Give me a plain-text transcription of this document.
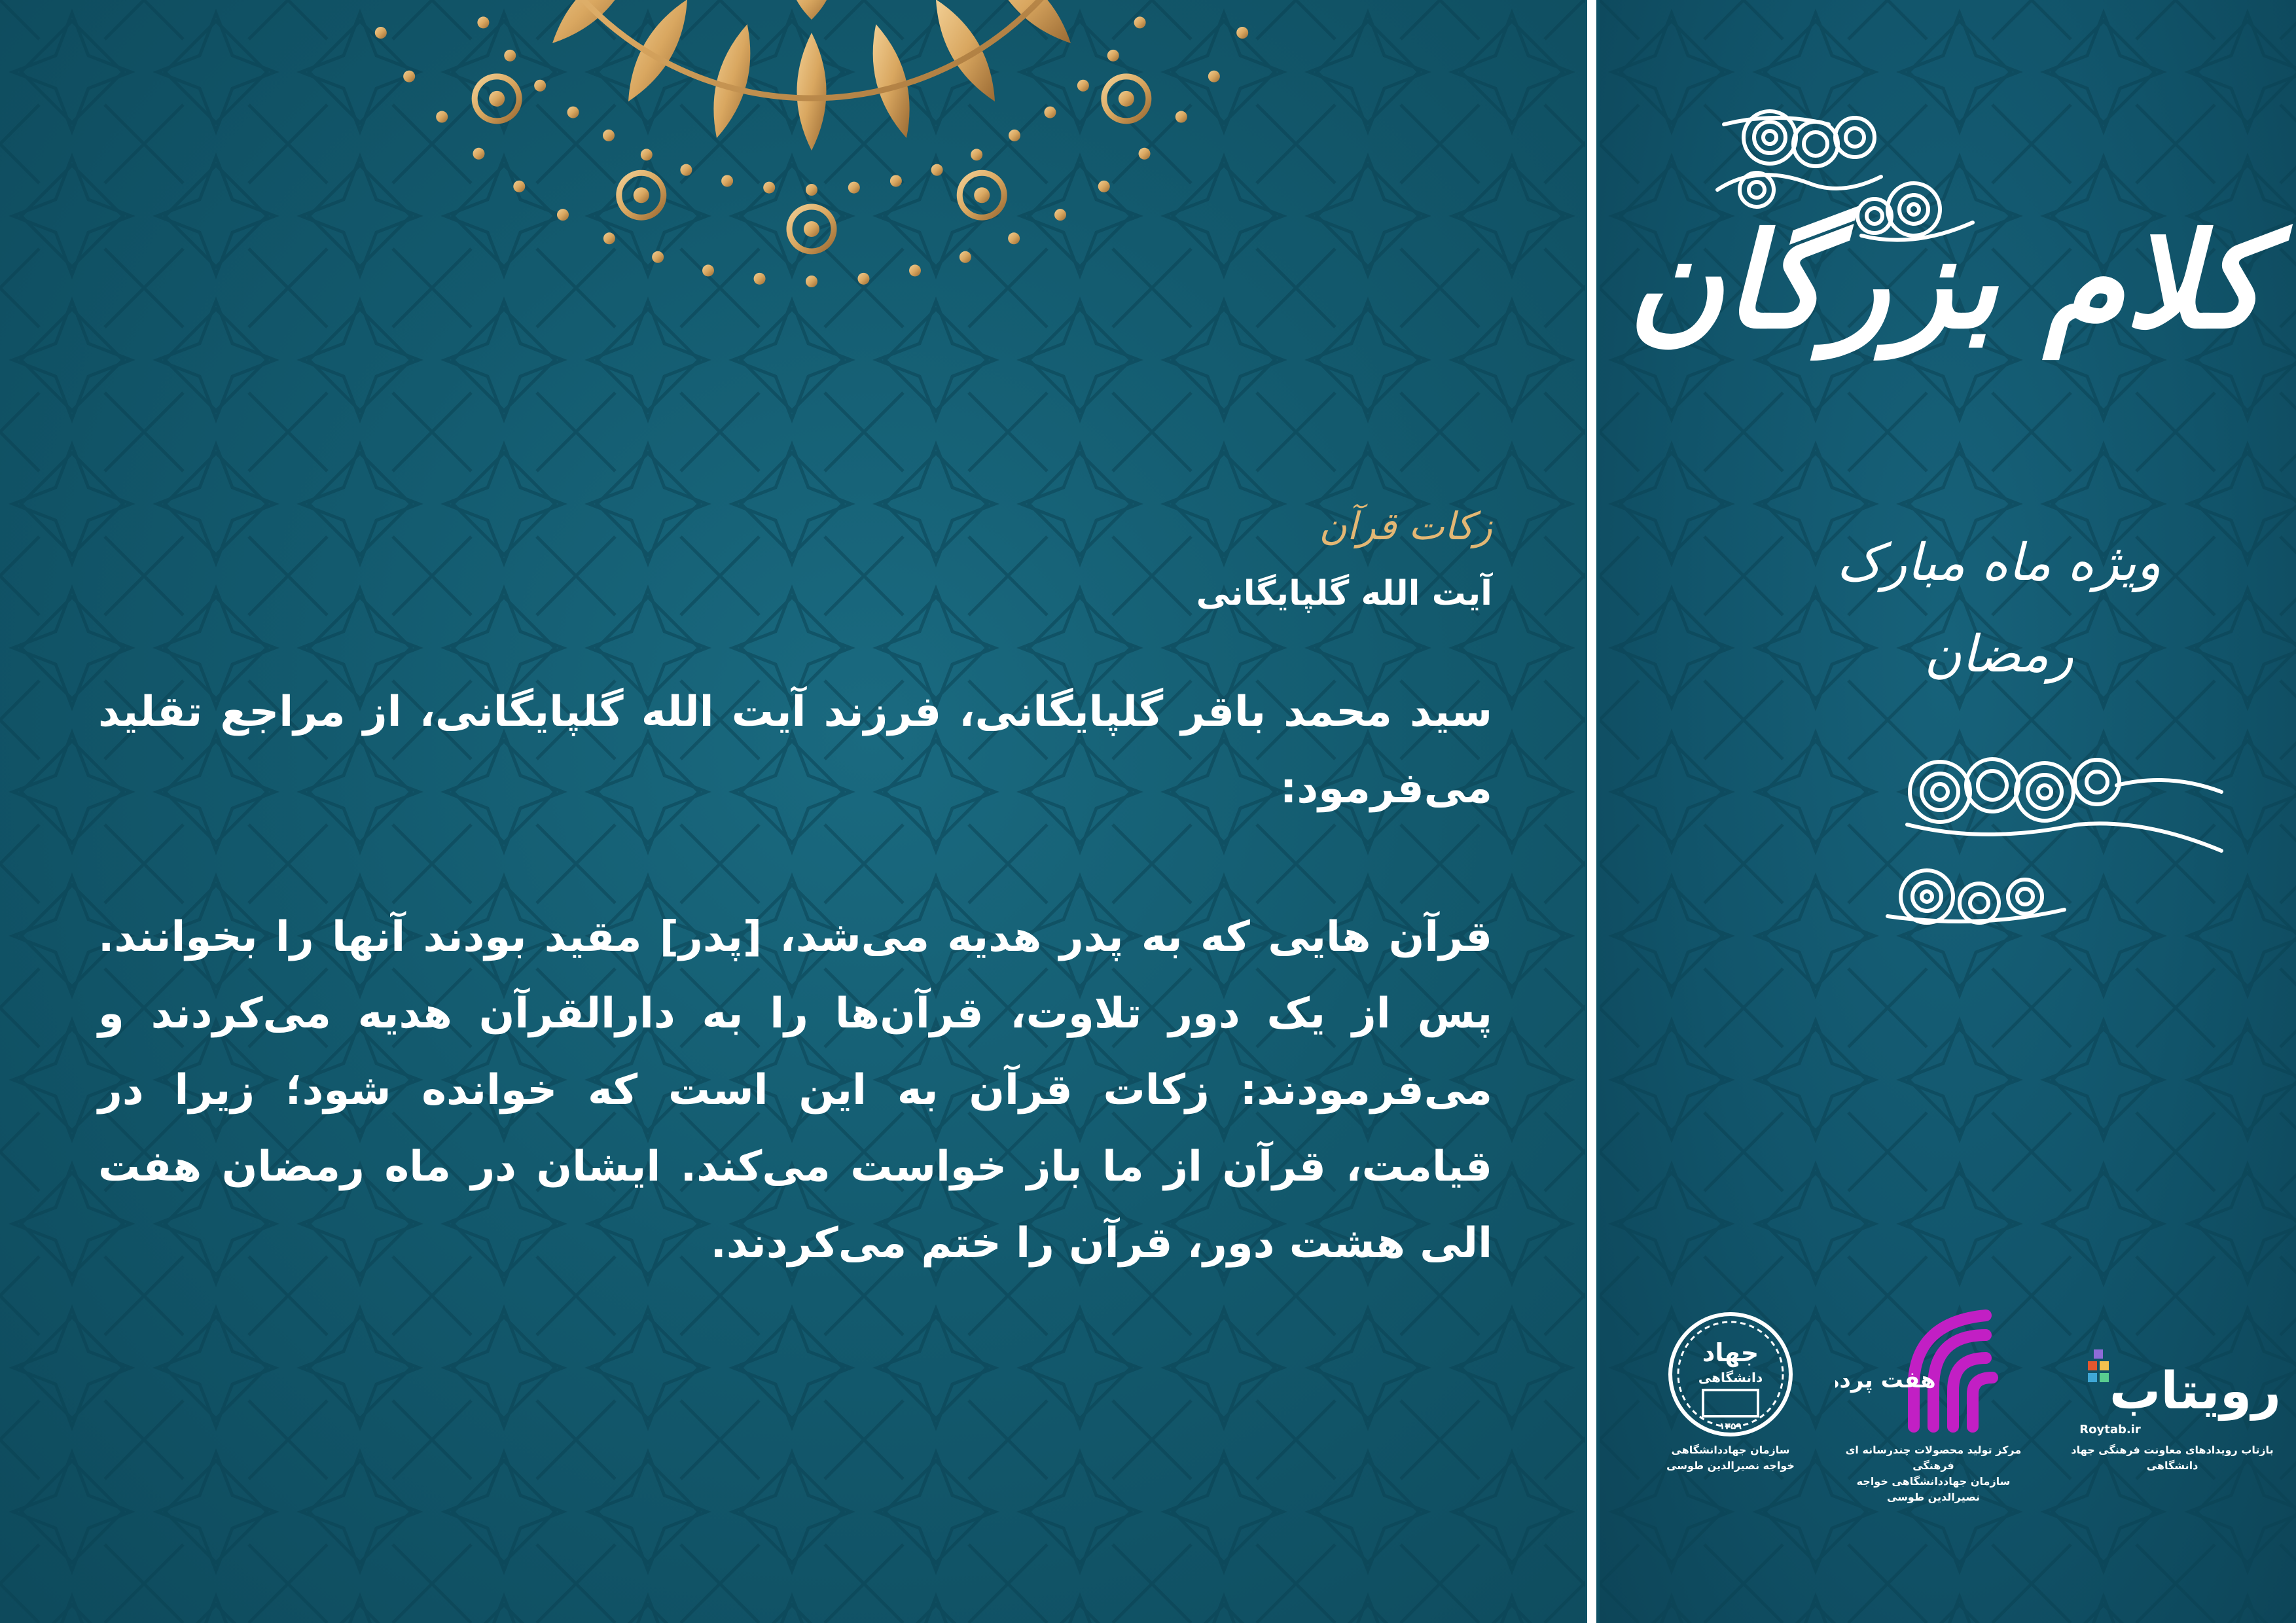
زکات قرآن

آیت الله گلپایگانی

سید محمد باقر گلپایگانی، فرزند آیت الله گلپایگانی، از مراجع تقلید می‌فرمود:

قرآن هایی که به پدر هدیه می‌شد، [پدر] مقید بودند آنها را بخوانند. پس از یک دور تلاوت، قرآن‌ها را به دارالقرآن هدیه می‌کردند و می‌فرمودند: زکات قرآن به این است که خوانده شود؛ زیرا در قیامت، قرآن از ما باز خواست می‌کند. ایشان در ماه رمضان هفت الی هشت دور، قرآن را ختم می‌کردند.

کلام بزرگان
ویژه ماه مبارک
رمضان
جهاد
دانشگاهی
۱۳۵۹
سازمان جهاددانشگاهی
خواجه نصیرالدین طوسی
هفت پرده
مرکز تولید محصولات چندرسانه ای فرهنگی
سازمان جهاددانشگاهی خواجه نصیرالدین طوسی
رویتاب
Roytab.ir
بازتاب رویدادهای معاونت فرهنگی جهاد دانشگاهی
